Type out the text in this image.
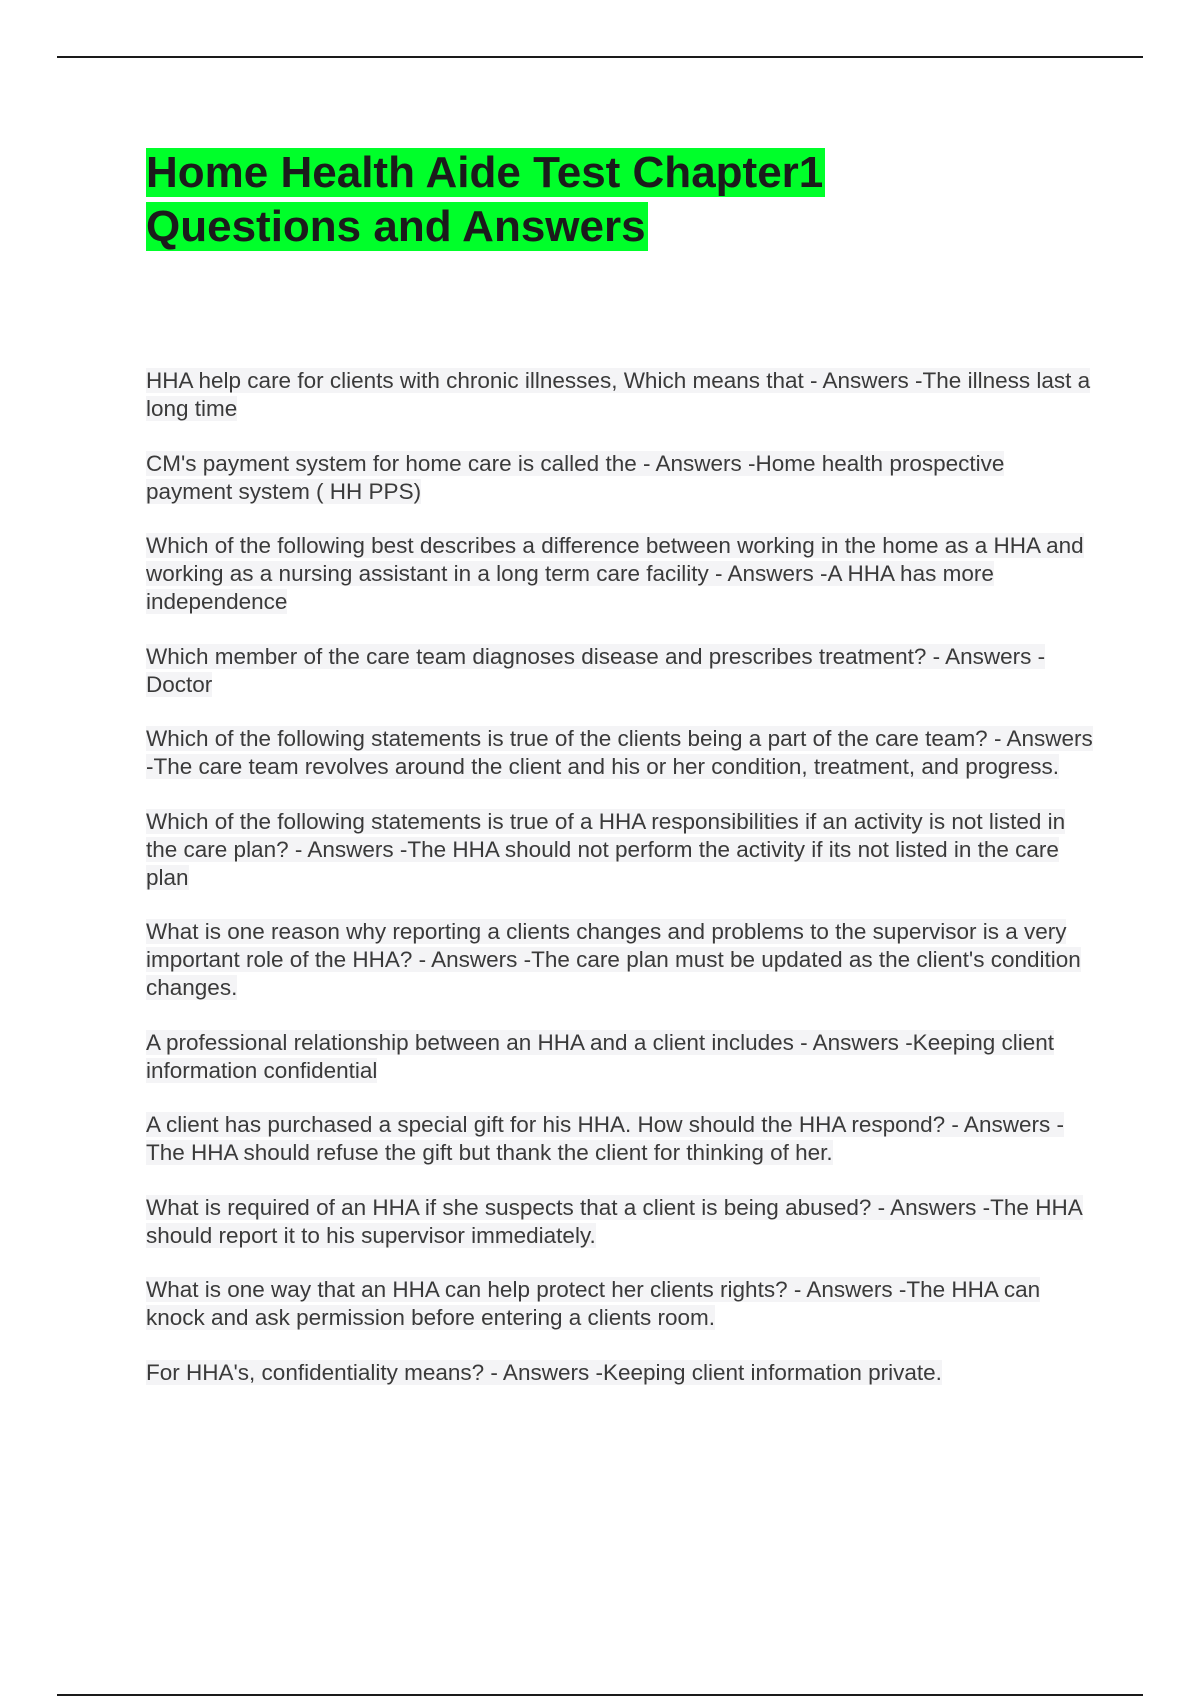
Home Health Aide Test Chapter1
Questions and Answers

HHA help care for clients with chronic illnesses, Which means that - Answers -The illness last a long time

CM's payment system for home care is called the - Answers -Home health prospective payment system ( HH PPS)

Which of the following best describes a difference between working in the home as a HHA and working as a nursing assistant in a long term care facility - Answers -A HHA has more independence

Which member of the care team diagnoses disease and prescribes treatment? - Answers -Doctor

Which of the following statements is true of the clients being a part of the care team? - Answers -The care team revolves around the client and his or her condition, treatment, and progress.

Which of the following statements is true of a HHA responsibilities if an activity is not listed in the care plan? - Answers -The HHA should not perform the activity if its not listed in the care plan

What is one reason why reporting a clients changes and problems to the supervisor is a very important role of the HHA? - Answers -The care plan must be updated as the client's condition changes.

A professional relationship between an HHA and a client includes - Answers -Keeping client information confidential

A client has purchased a special gift for his HHA. How should the HHA respond? - Answers -The HHA should refuse the gift but thank the client for thinking of her.

What is required of an HHA if she suspects that a client is being abused? - Answers -The HHA should report it to his supervisor immediately.

What is one way that an HHA can help protect her clients rights? - Answers -The HHA can knock and ask permission before entering a clients room.

For HHA's, confidentiality means? - Answers -Keeping client information private.
